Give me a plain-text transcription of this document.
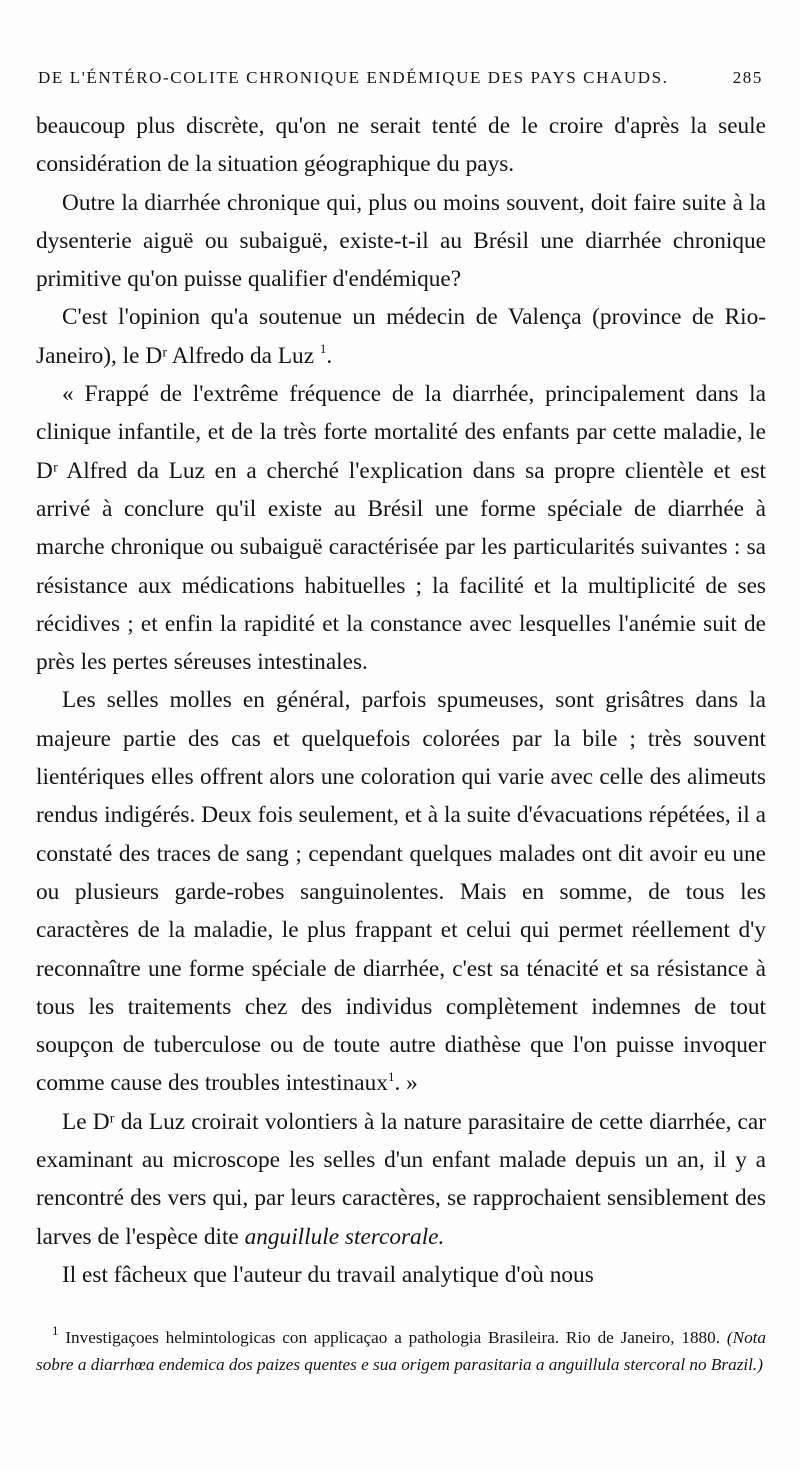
DE L'ÉNTÉRO-COLITE CHRONIQUE ENDÉMIQUE DES PAYS CHAUDS.	285

beaucoup plus discrète, qu'on ne serait tenté de le croire d'après la seule considération de la situation géographique du pays.

Outre la diarrhée chronique qui, plus ou moins souvent, doit faire suite à la dysenterie aiguë ou subaiguë, existe-t-il au Brésil une diarrhée chronique primitive qu'on puisse qualifier d'endémique?

C'est l'opinion qu'a soutenue un médecin de Valença (province de Rio-Janeiro), le Dʳ Alfredo da Luz $^1$.

« Frappé de l'extrême fréquence de la diarrhée, principalement dans la clinique infantile, et de la très forte mortalité des enfants par cette maladie, le Dʳ Alfred da Luz en a cherché l'explication dans sa propre clientèle et est arrivé à conclure qu'il existe au Brésil une forme spéciale de diarrhée à marche chronique ou subaiguë caractérisée par les particularités suivantes : sa résistance aux médications habituelles ; la facilité et la multiplicité de ses récidives ; et enfin la rapidité et la constance avec lesquelles l'anémie suit de près les pertes séreuses intestinales.

Les selles molles en général, parfois spumeuses, sont grisâtres dans la majeure partie des cas et quelquefois colorées par la bile ; très souvent lientériques elles offrent alors une coloration qui varie avec celle des alimeuts rendus indigérés. Deux fois seulement, et à la suite d'évacuations répétées, il a constaté des traces de sang ; cependant quelques malades ont dit avoir eu une ou plusieurs garde-robes sanguinolentes. Mais en somme, de tous les caractères de la maladie, le plus frappant et celui qui permet réellement d'y reconnaître une forme spéciale de diarrhée, c'est sa ténacité et sa résistance à tous les traitements chez des individus complètement indemnes de tout soupçon de tuberculose ou de toute autre diathèse que l'on puisse invoquer comme cause des troubles intestinaux$^1$. »

Le Dʳ da Luz croirait volontiers à la nature parasitaire de cette diarrhée, car examinant au microscope les selles d'un enfant malade depuis un an, il y a rencontré des vers qui, par leurs caractères, se rapprochaient sensiblement des larves de l'espèce dite anguillule stercorale.

Il est fâcheux que l'auteur du travail analytique d'où nous

$^1$ Investigaçoes helmintologicas con applicaçao a pathologia Brasileira. Rio de Janeiro, 1880. (Nota sobre a diarrhœa endemica dos paizes quentes e sua origem parasitaria a anguillula stercoral no Brazil.)
